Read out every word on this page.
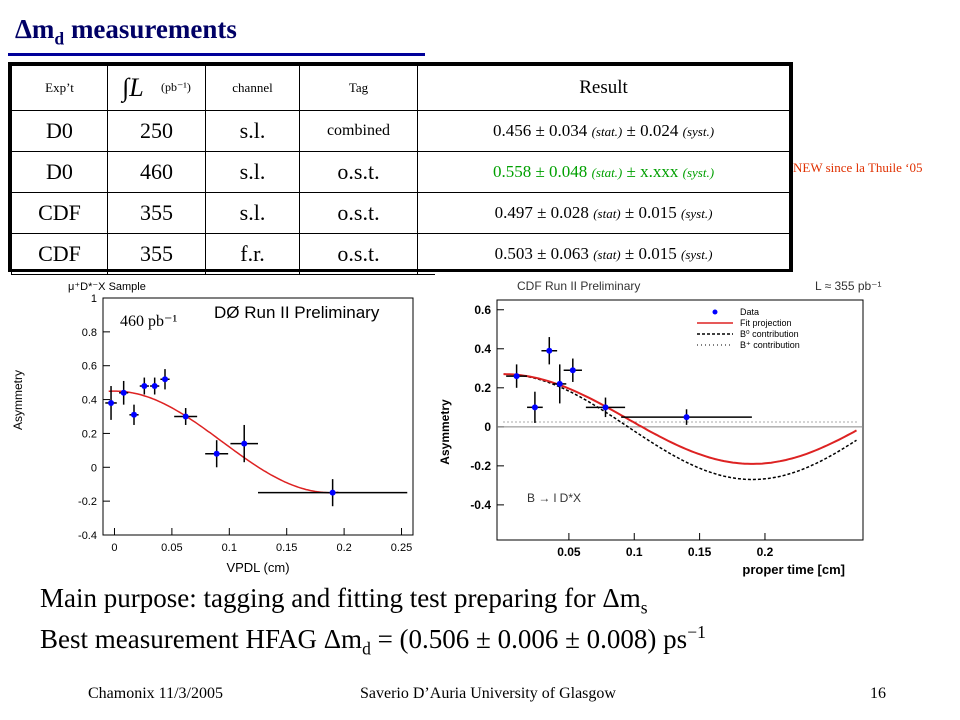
$\Delta m_d$ measurements
Exp’t	∫L (pb⁻¹)	channel	Tag	Result
D0	250	s.l.	combined	0.456 ± 0.034 (stat.) ± 0.024 (syst.)
D0	460	s.l.	o.s.t.	0.558 ± 0.048 (stat.) ± x.xxx (syst.)
CDF	355	s.l.	o.s.t.	0.497 ± 0.028 (stat) ± 0.015 (syst.)
CDF	355	f.r.	o.s.t.	0.503 ± 0.063 (stat) ± 0.015 (syst.)
NEW since la Thuile ‘05
μ⁺D*⁻X Sample
DØ Run II Preliminary
460 pb⁻¹
Asymmetry
VPDL (cm)
0	0.05	0.1	0.15	0.2	0.25
-0.4
-0.2
0
0.2
0.4
0.6
0.8
1
CDF Run II Preliminary	L ≈ 355 pb⁻¹
B → l D*X
Asymmetry
proper time [cm]
Data
Fit projection
B⁰ contribution
B⁺ contribution
0.05	0.1	0.15	0.2
-0.4
-0.2
0
0.2
0.4
0.6
Main purpose: tagging and fitting test preparing for $\Delta m_s$
Best measurement HFAG $\Delta m_d = (0.506 \pm 0.006 \pm 0.008)$ $ps^{-1}$
Chamonix 11/3/2005	Saverio D’Auria University of Glasgow	16
